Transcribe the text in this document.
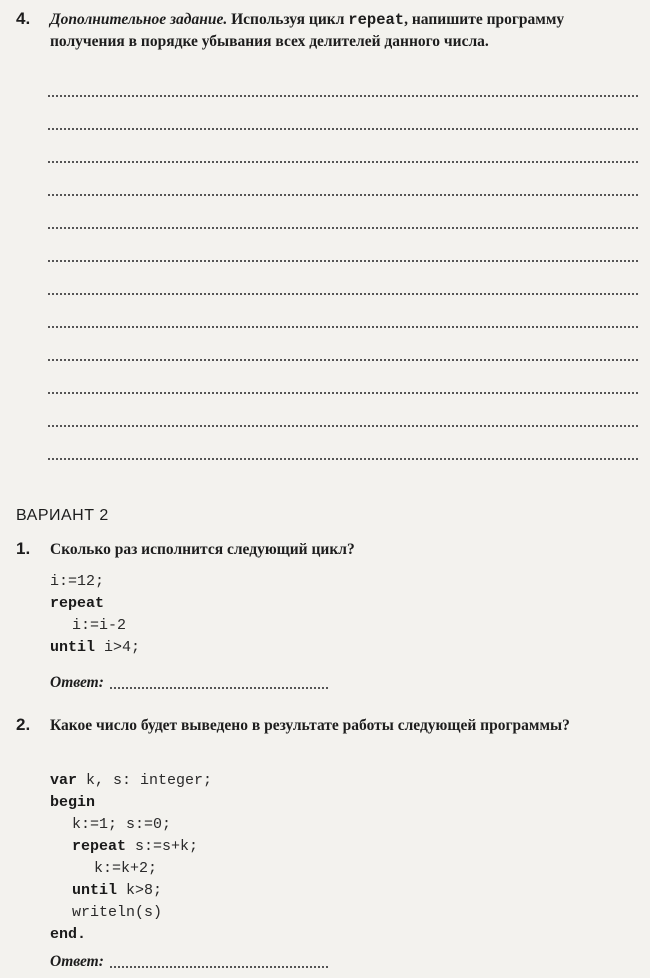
4. Дополнительное задание. Используя цикл repeat, напишите программу получения в порядке убывания всех делителей данного числа.

ВАРИАНТ 2

1. Сколько раз исполнится следующий цикл?

i:=12;
repeat
i:=i-2
until i>4;
Ответ:

2. Какое число будет выведено в результате работы следующей программы?

var k, s: integer;
begin
k:=1; s:=0;
repeat s:=s+k;
k:=k+2;
until k>8;
writeln(s)
end.
Ответ:
